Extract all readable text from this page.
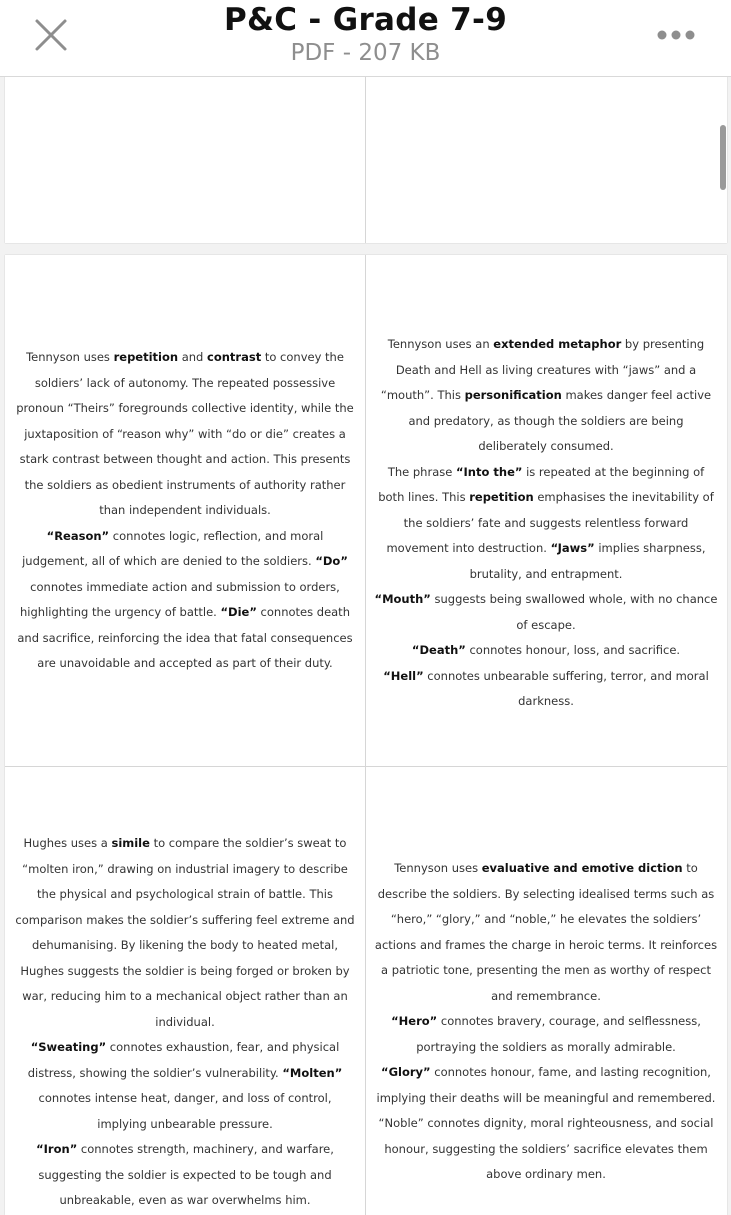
P&C - Grade 7-9
PDF - 207 KB

Tennyson uses repetition and contrast to convey the soldiers’ lack of autonomy. The repeated possessive pronoun “Theirs” foregrounds collective identity, while the juxtaposition of “reason why” with “do or die” creates a stark contrast between thought and action. This presents the soldiers as obedient instruments of authority rather than independent individuals.

“Reason” connotes logic, reflection, and moral judgement, all of which are denied to the soldiers. “Do” connotes immediate action and submission to orders, highlighting the urgency of battle. “Die” connotes death and sacrifice, reinforcing the idea that fatal consequences are unavoidable and accepted as part of their duty.

Tennyson uses an extended metaphor by presenting Death and Hell as living creatures with “jaws” and a “mouth”. This personification makes danger feel active and predatory, as though the soldiers are being deliberately consumed.

The phrase “Into the” is repeated at the beginning of both lines. This repetition emphasises the inevitability of the soldiers’ fate and suggests relentless forward movement into destruction. “Jaws” implies sharpness, brutality, and entrapment.

“Mouth” suggests being swallowed whole, with no chance of escape.

“Death” connotes honour, loss, and sacrifice.

“Hell” connotes unbearable suffering, terror, and moral darkness.

Hughes uses a simile to compare the soldier’s sweat to “molten iron,” drawing on industrial imagery to describe the physical and psychological strain of battle. This comparison makes the soldier’s suffering feel extreme and dehumanising. By likening the body to heated metal, Hughes suggests the soldier is being forged or broken by war, reducing him to a mechanical object rather than an individual.

“Sweating” connotes exhaustion, fear, and physical distress, showing the soldier’s vulnerability. “Molten” connotes intense heat, danger, and loss of control, implying unbearable pressure.

“Iron” connotes strength, machinery, and warfare, suggesting the soldier is expected to be tough and unbreakable, even as war overwhelms him.

Tennyson uses evaluative and emotive diction to describe the soldiers. By selecting idealised terms such as “hero,” “glory,” and “noble,” he elevates the soldiers’ actions and frames the charge in heroic terms. It reinforces a patriotic tone, presenting the men as worthy of respect and remembrance.

“Hero” connotes bravery, courage, and selflessness, portraying the soldiers as morally admirable.

“Glory” connotes honour, fame, and lasting recognition, implying their deaths will be meaningful and remembered.

“Noble” connotes dignity, moral righteousness, and social honour, suggesting the soldiers’ sacrifice elevates them above ordinary men.
